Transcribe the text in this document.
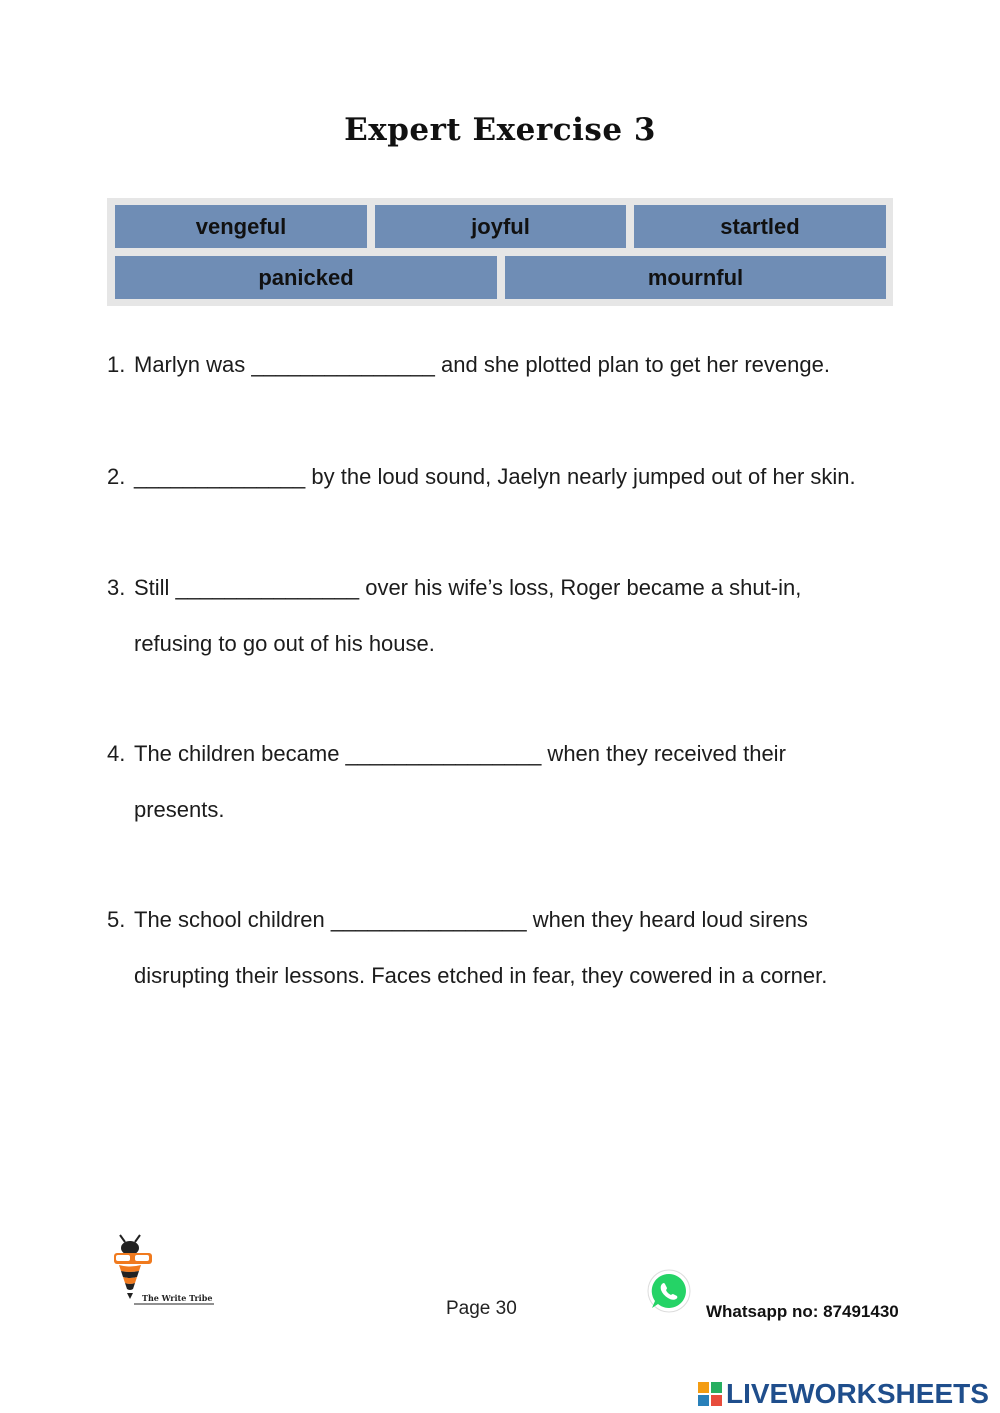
Expert Exercise 3
vengeful	joyful	startled
panicked	mournful
1. Marlyn was _______________ and she plotted plan to get her revenge.
2. ______________ by the loud sound, Jaelyn nearly jumped out of her skin.
3. Still _______________ over his wife’s loss, Roger became a shut-in,
refusing to go out of his house.
4. The children became ________________ when they received their
presents.
5. The school children ________________ when they heard loud sirens
disrupting their lessons. Faces etched in fear, they cowered in a corner.
The Write Tribe	Page 30	Whatsapp no: 87491430
LIVEWORKSHEETS
